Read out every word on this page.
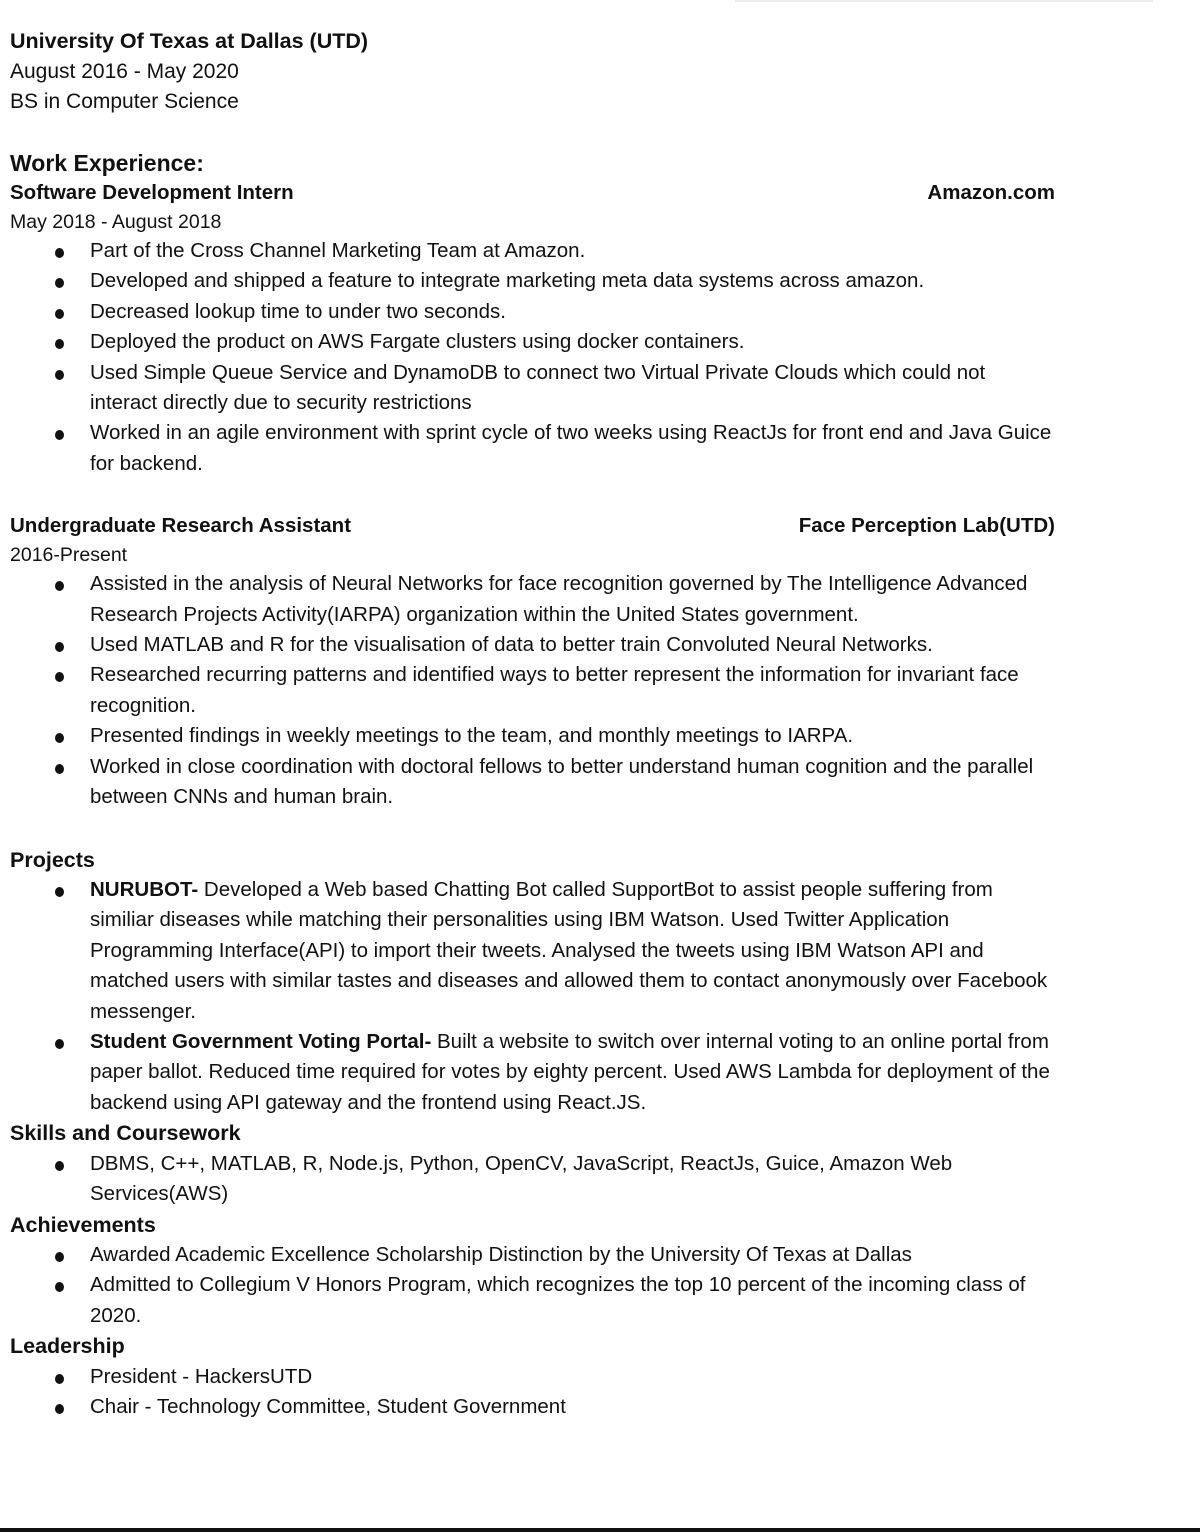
University Of Texas at Dallas (UTD)
August 2016 - May 2020
BS in Computer Science
Work Experience:
Software Development Intern	Amazon.com
May 2018 - August 2018
Part of the Cross Channel Marketing Team at Amazon.
Developed and shipped a feature to integrate marketing meta data systems across amazon.
Decreased lookup time to under two seconds.
Deployed the product on AWS Fargate clusters using docker containers.
Used Simple Queue Service and DynamoDB to connect two Virtual Private Clouds which could not interact directly due to security restrictions
Worked in an agile environment with sprint cycle of two weeks using ReactJs for front end and Java Guice for backend.
Undergraduate Research Assistant	Face Perception Lab(UTD)
2016-Present
Assisted in the analysis of Neural Networks for face recognition governed by The Intelligence Advanced Research Projects Activity(IARPA) organization within the United States government.
Used MATLAB and R for the visualisation of data to better train Convoluted Neural Networks.
Researched recurring patterns and identified ways to better represent the information for invariant face recognition.
Presented findings in weekly meetings to the team, and monthly meetings to IARPA.
Worked in close coordination with doctoral fellows to better understand human cognition and the parallel between CNNs and human brain.
Projects
NURUBOT- Developed a Web based Chatting Bot called SupportBot to assist people suffering from similiar diseases while matching their personalities using IBM Watson. Used Twitter Application Programming Interface(API) to import their tweets. Analysed the tweets using IBM Watson API and matched users with similar tastes and diseases and allowed them to contact anonymously over Facebook messenger.
Student Government Voting Portal- Built a website to switch over internal voting to an online portal from paper ballot. Reduced time required for votes by eighty percent. Used AWS Lambda for deployment of the backend using API gateway and the frontend using React.JS.
Skills and Coursework
DBMS, C++, MATLAB, R, Node.js, Python, OpenCV, JavaScript, ReactJs, Guice, Amazon Web Services(AWS)
Achievements
Awarded Academic Excellence Scholarship Distinction by the University Of Texas at Dallas
Admitted to Collegium V Honors Program, which recognizes the top 10 percent of the incoming class of 2020.
Leadership
President - HackersUTD
Chair - Technology Committee, Student Government
